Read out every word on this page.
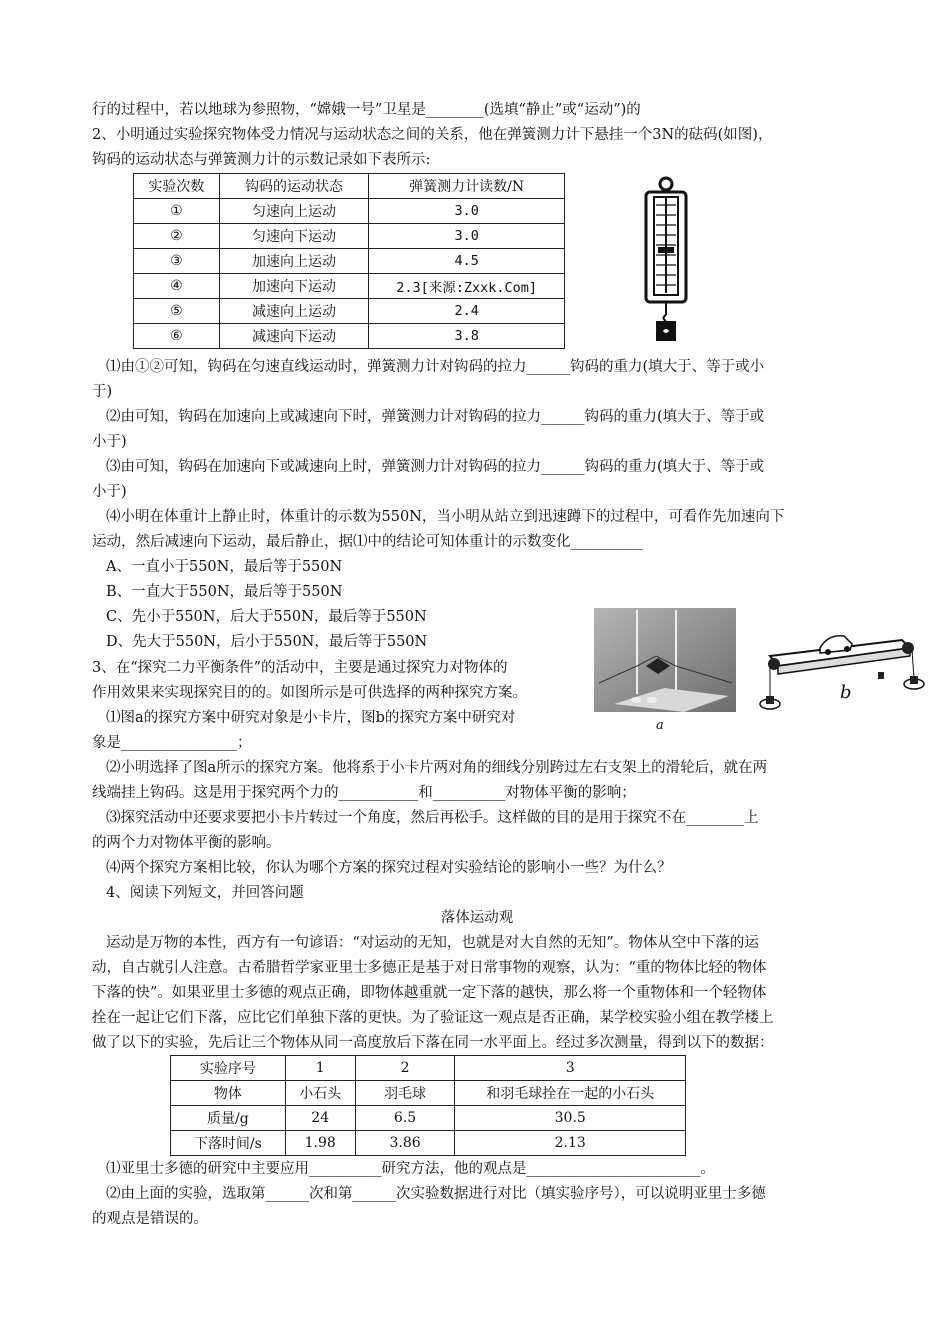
行的过程中，若以地球为参照物，“嫦娥一号”卫星是________(选填“静止”或“运动”)的

2、小明通过实验探究物体受力情况与运动状态之间的关系，他在弹簧测力计下悬挂一个3N的砝码(如图)，

钩码的运动状态与弹簧测力计的示数记录如下表所示:

实验次数	钩码的运动状态	弹簧测力计读数/N
①	匀速向上运动	3.0
②	匀速向下运动	3.0
③	加速向上运动	4.5
④	加速向下运动	2.3[来源:Zxxk.Com]
⑤	减速向上运动	2.4
⑥	减速向下运动	3.8

⑴由①②可知，钩码在匀速直线运动时，弹簧测力计对钩码的拉力______钩码的重力(填大于、等于或小

于)

⑵由可知，钩码在加速向上或减速向下时，弹簧测力计对钩码的拉力______钩码的重力(填大于、等于或

小于)

⑶由可知，钩码在加速向下或减速向上时，弹簧测力计对钩码的拉力______钩码的重力(填大于、等于或

小于)

⑷小明在体重计上静止时，体重计的示数为550N，当小明从站立到迅速蹲下的过程中，可看作先加速向下

运动，然后减速向下运动，最后静止，据⑴中的结论可知体重计的示数变化__________

A、一直小于550N，最后等于550N

B、一直大于550N，最后等于550N

C、先小于550N，后大于550N，最后等于550N

D、先大于550N，后小于550N，最后等于550N

a
b

3、在“探究二力平衡条件”的活动中，主要是通过探究力对物体的

作用效果来实现探究目的的。如图所示是可供选择的两种探究方案。

⑴图a的探究方案中研究对象是小卡片，图b的探究方案中研究对

象是________________；

⑵小明选择了图a所示的探究方案。他将系于小卡片两对角的细线分别跨过左右支架上的滑轮后，就在两

线端挂上钩码。这是用于探究两个力的___________和__________对物体平衡的影响；

⑶探究活动中还要求要把小卡片转过一个角度，然后再松手。这样做的目的是用于探究不在________上

的两个力对物体平衡的影响。

⑷两个探究方案相比较，你认为哪个方案的探究过程对实验结论的影响小一些？为什么？

4、阅读下列短文，并回答问题

落体运动观

运动是万物的本性，西方有一句谚语：“对运动的无知，也就是对大自然的无知”。物体从空中下落的运

动，自古就引人注意。古希腊哲学家亚里士多德正是基于对日常事物的观察，认为：“重的物体比轻的物体

下落的快”。如果亚里士多德的观点正确，即物体越重就一定下落的越快，那么将一个重物体和一个轻物体

拴在一起让它们下落，应比它们单独下落的更快。为了验证这一观点是否正确，某学校实验小组在教学楼上

做了以下的实验，先后让三个物体从同一高度放后下落在同一水平面上。经过多次测量，得到以下的数据：

实验序号	1	2	3
物体	小石头	羽毛球	和羽毛球拴在一起的小石头
质量/g	24	6.5	30.5
下落时间/s	1.98	3.86	2.13

⑴亚里士多德的研究中主要应用__________研究方法，他的观点是________________________。

⑵由上面的实验，选取第______次和第______次实验数据进行对比（填实验序号），可以说明亚里士多德

的观点是错误的。
